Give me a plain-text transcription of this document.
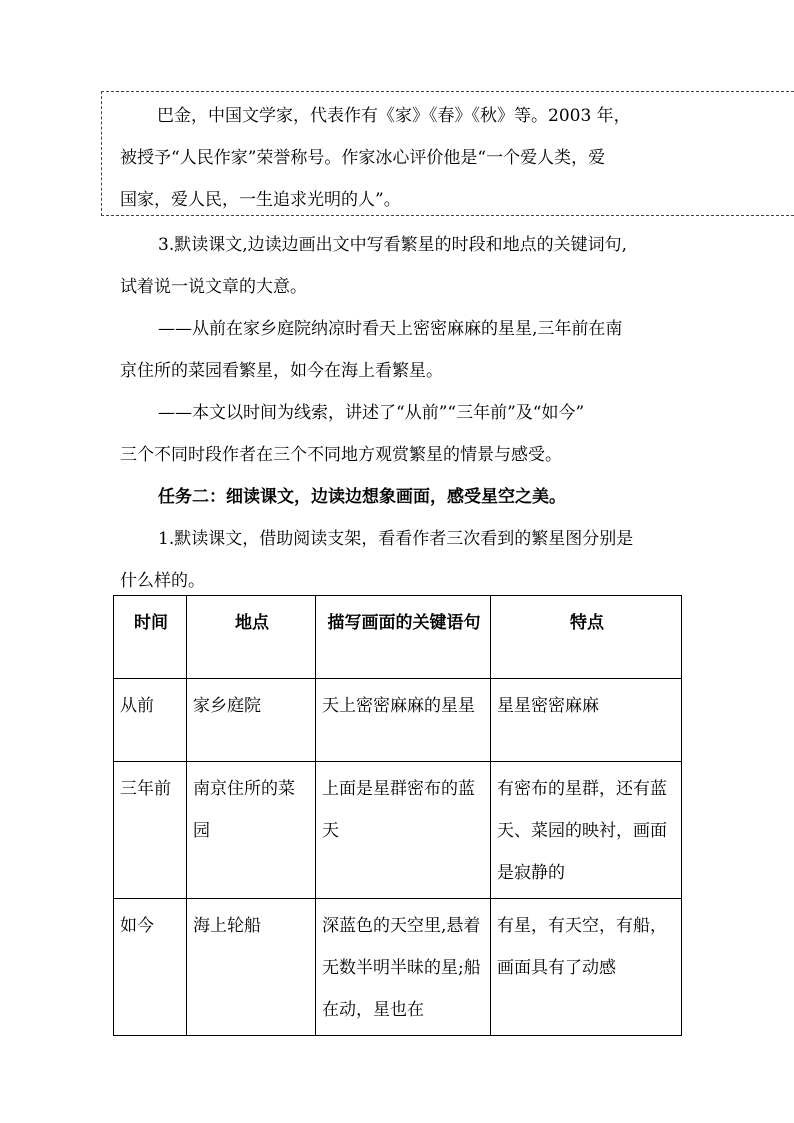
巴金，中国文学家，代表作有《家》《春》《秋》等。2003 年，
被授予“人民作家”荣誉称号。作家冰心评价他是“一个爱人类，爱
国家，爱人民，一生追求光明的人”。
3.默读课文,边读边画出文中写看繁星的时段和地点的关键词句,
试着说一说文章的大意。
——从前在家乡庭院纳凉时看天上密密麻麻的星星,三年前在南
京住所的菜园看繁星，如今在海上看繁星。
——本文以时间为线索，讲述了“从前”“三年前”及“如今”
三个不同时段作者在三个不同地方观赏繁星的情景与感受。
任务二：细读课文，边读边想象画面，感受星空之美。
1.默读课文，借助阅读支架，看看作者三次看到的繁星图分别是
什么样的。
时间	地点	描写画面的关键语句	特点
从前	家乡庭院	天上密密麻麻的星星	星星密密麻麻
三年前	南京住所的菜园	上面是星群密布的蓝天	有密布的星群，还有蓝天、菜园的映衬，画面是寂静的
如今	海上轮船	深蓝色的天空里,悬着无数半明半昧的星;船在动，星也在	有星，有天空，有船，画面具有了动感
